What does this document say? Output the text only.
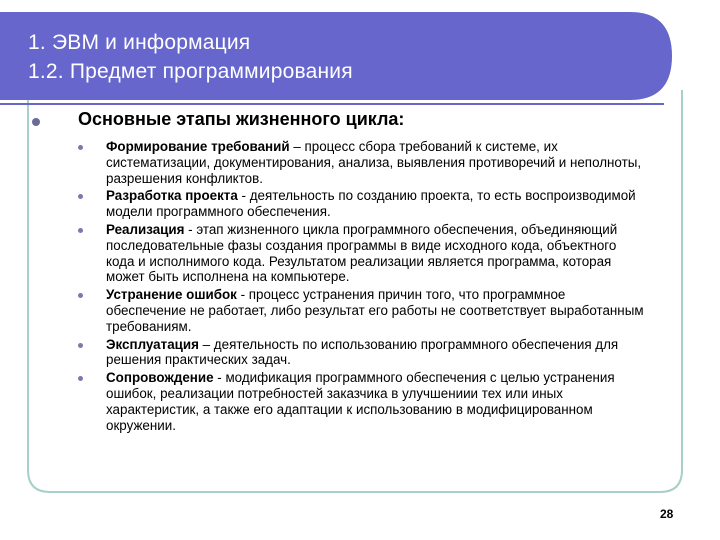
1. ЭВМ и информация
1.2. Предмет программирования
Основные этапы жизненного цикла:
Формирование требований – процесс сбора требований к системе, их систематизации, документирования, анализа, выявления противоречий и неполноты, разрешения конфликтов.
Разработка проекта - деятельность по созданию проекта, то есть воспроизводимой модели программного обеспечения.
Реализация - этап жизненного цикла программного обеспечения, объединяющий последовательные фазы создания программы в виде исходного кода, объектного кода и исполнимого кода. Результатом реализации является программа, которая может быть исполнена на компьютере.
Устранение ошибок - процесс устранения причин того, что программное обеспечение не работает, либо результат его работы не соответствует выработанным требованиям.
Эксплуатация – деятельность по использованию программного обеспечения для решения практических задач.
Сопровождение - модификация программного обеспечения с целью устранения ошибок, реализации потребностей заказчика в улучшениии тех или иных характеристик, а также его адаптации к использованию в модифицированном окружении.
28
